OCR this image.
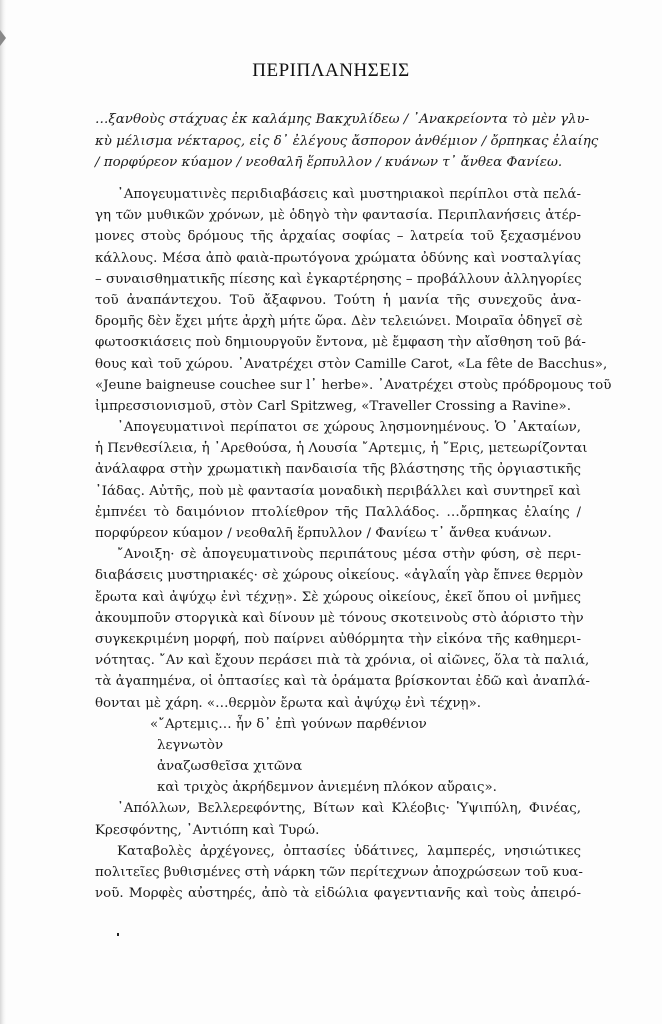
ΠΕΡΙΠΛΑΝΗΣΕΙΣ
…ξανθοὺς στάχυας ἐκ καλάμης Βακχυλίδεω / ᾽Ανακρείοντα τὸ μὲν γλυ-
κὺ μέλισμα νέκταρος, εἰς δ᾽ ἐλέγους ἄσπορον ἀνθέμιον / ὄρπηκας ἐλαίης
/ πορφύρεον κύαμον / νεοθαλῆ ἕρπυλλον / κυάνων τ᾽ ἄνθεα Φανίεω.
᾽Απογευματινὲς περιδιαβάσεις καὶ μυστηριακοὶ περίπλοι στὰ πελά-
γη τῶν μυθικῶν χρόνων, μὲ ὁδηγὸ τὴν φαντασία. Περιπλανήσεις ἀτέρ-
μονες στοὺς δρόμους τῆς ἀρχαίας σοφίας – λατρεία τοῦ ξεχασμένου
κάλλους. Μέσα ἀπὸ φαιὰ-πρωτόγονα χρώματα ὀδύνης καὶ νοσταλγίας
– συναισθηματικῆς πίεσης καὶ ἐγκαρτέρησης – προβάλλουν ἀλληγορίες
τοῦ ἀναπάντεχου. Τοῦ ἄξαφνου. Τούτη ἡ μανία τῆς συνεχοῦς ἀνα-
δρομῆς δὲν ἔχει μήτε ἀρχὴ μήτε ὥρα. Δὲν τελειώνει. Μοιραῖα ὁδηγεῖ σὲ
φωτοσκιάσεις ποὺ δημιουργοῦν ἔντονα, μὲ ἔμφαση τὴν αἴσθηση τοῦ βά-
θους καὶ τοῦ χώρου. ᾽Ανατρέχει στὸν Camille Carot, «La fête de Bacchus»,
«Jeune baigneuse couchee sur l᾽ herbe». ᾽Ανατρέχει στοὺς πρόδρομους τοῦ
ἰμπρεσσιονισμοῦ, στὸν Carl Spitzweg, «Traveller Crossing a Ravine».
᾽Απογευματινοὶ περίπατοι σε χώρους λησμονημένους. Ὁ ᾽Ακταίων,
ἡ Πενθεσίλεια, ἡ ᾽Αρεθούσα, ἡ Λουσία ῎Αρτεμις, ἡ ῎Ερις, μετεωρίζονται
ἀνάλαφρα στὴν χρωματικὴ πανδαισία τῆς βλάστησης τῆς ὀργιαστικῆς
᾽Ιάδας. Αὐτῆς, ποὺ μὲ φαντασία μοναδικὴ περιβάλλει καὶ συντηρεῖ καὶ
ἐμπνέει τὸ δαιμόνιον πτολίεθρον τῆς Παλλάδος. …ὄρπηκας ἐλαίης /
πορφύρεον κύαμον / νεοθαλῆ ἕρπυλλον / Φανίεω τ᾽ ἄνθεα κυάνων.
῎Ανοιξη· σὲ ἀπογευματινοὺς περιπάτους μέσα στὴν φύση, σὲ περι-
διαβάσεις μυστηριακές· σὲ χώρους οἰκείους. «ἀγλαΐη γὰρ ἔπνεε θερμὸν
ἔρωτα καὶ ἀψύχῳ ἐνὶ τέχνῃ». Σὲ χώρους οἰκείους, ἐκεῖ ὅπου οἱ μνῆμες
ἀκουμποῦν στοργικὰ καὶ δίνουν μὲ τόνους σκοτεινοὺς στὸ ἀόριστο τὴν
συγκεκριμένη μορφή, ποὺ παίρνει αὐθόρμητα τὴν εἰκόνα τῆς καθημερι-
νότητας. ῎Αν καὶ ἔχουν περάσει πιὰ τὰ χρόνια, οἱ αἰῶνες, ὅλα τὰ παλιά,
τὰ ἀγαπημένα, οἱ ὀπτασίες καὶ τὰ ὁράματα βρίσκονται ἐδῶ καὶ ἀναπλά-
θονται μὲ χάρη. «…θερμὸν ἔρωτα καὶ ἀψύχῳ ἐνὶ τέχνῃ».
«῎Αρτεμις… ἦν δ᾽ ἐπὶ γούνων παρθένιον
λεγνωτὸν
ἀναζωσθεῖσα χιτῶνα
καὶ τριχὸς ἀκρήδεμνον ἀνιεμένη πλόκον αὔραις».
᾽Απόλλων, Βελλερεφόντης, Βίτων καὶ Κλέοβις· Ὑψιπύλη, Φινέας,
Κρεσφόντης, ᾽Αντιόπη καὶ Τυρώ.
Καταβολὲς ἀρχέγονες, ὀπτασίες ὑδάτινες, λαμπερές, νησιώτικες
πολιτεῖες βυθισμένες στὴ νάρκη τῶν περίτεχνων ἀποχρώσεων τοῦ κυα-
νοῦ. Μορφὲς αὐστηρές, ἀπὸ τὰ εἰδώλια φαγεντιανῆς καὶ τοὺς ἀπειρό-
